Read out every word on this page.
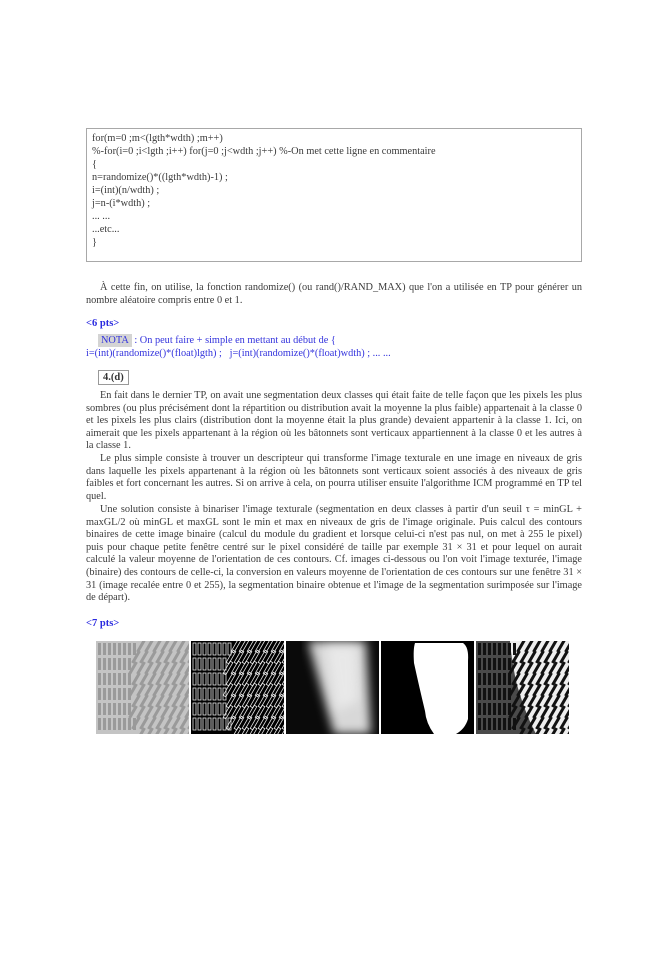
for(m=0 ;m<(lgth*wdth) ;m++)
%-for(i=0 ;i<lgth ;i++) for(j=0 ;j<wdth ;j++) %-On met cette ligne en commentaire
{
n=randomize()*((lgth*wdth)-1) ;
i=(int)(n/wdth) ;
j=n-(i*wdth) ;
... ...
...etc...
}
À cette fin, on utilise, la fonction randomize() (ou rand()/RAND_MAX) que l'on a utilisée en TP pour générer un nombre aléatoire compris entre 0 et 1.
<6 pts>
NOTA : On peut faire + simple en mettant au début de {
i=(int)(randomize()*(float)lgth) ;   j=(int)(randomize()*(float)wdth) ; ... ...
4.(d)
En fait dans le dernier TP, on avait une segmentation deux classes qui était faite de telle façon que les pixels les plus sombres (ou plus précisément dont la répartition ou distribution avait la moyenne la plus faible) appartenait à la classe 0 et les pixels les plus clairs (distribution dont la moyenne était la plus grande) devaient appartenir à la classe 1. Ici, on aimerait que les pixels appartenant à la région où les bâtonnets sont verticaux appartiennent à la classe 0 et les autres à la classe 1.
Le plus simple consiste à trouver un descripteur qui transforme l'image texturale en une image en niveaux de gris dans laquelle les pixels appartenant à la région où les bâtonnets sont verticaux soient associés à des niveaux de gris faibles et fort concernant les autres. Si on arrive à cela, on pourra utiliser ensuite l'algorithme ICM programmé en TP tel quel.
Une solution consiste à binariser l'image texturale (segmentation en deux classes à partir d'un seuil τ = minGL + maxGL/2 où minGL et maxGL sont le min et max en niveaux de gris de l'image originale. Puis calcul des contours binaires de cette image binaire (calcul du module du gradient et lorsque celui-ci n'est pas nul, on met à 255 le pixel) puis pour chaque petite fenêtre centré sur le pixel considéré de taille par exemple 31 × 31 et pour lequel on aurait calculé la valeur moyenne de l'orientation de ces contours. Cf. images ci-dessous ou l'on voit l'image texturée, l'image (binaire) des contours de celle-ci, la conversion en valeurs moyenne de l'orientation de ces contours sur une fenêtre 31 × 31 (image recalée entre 0 et 255), la segmentation binaire obtenue et l'image de la segmentation surimposée sur l'image de départ).
<7 pts>
